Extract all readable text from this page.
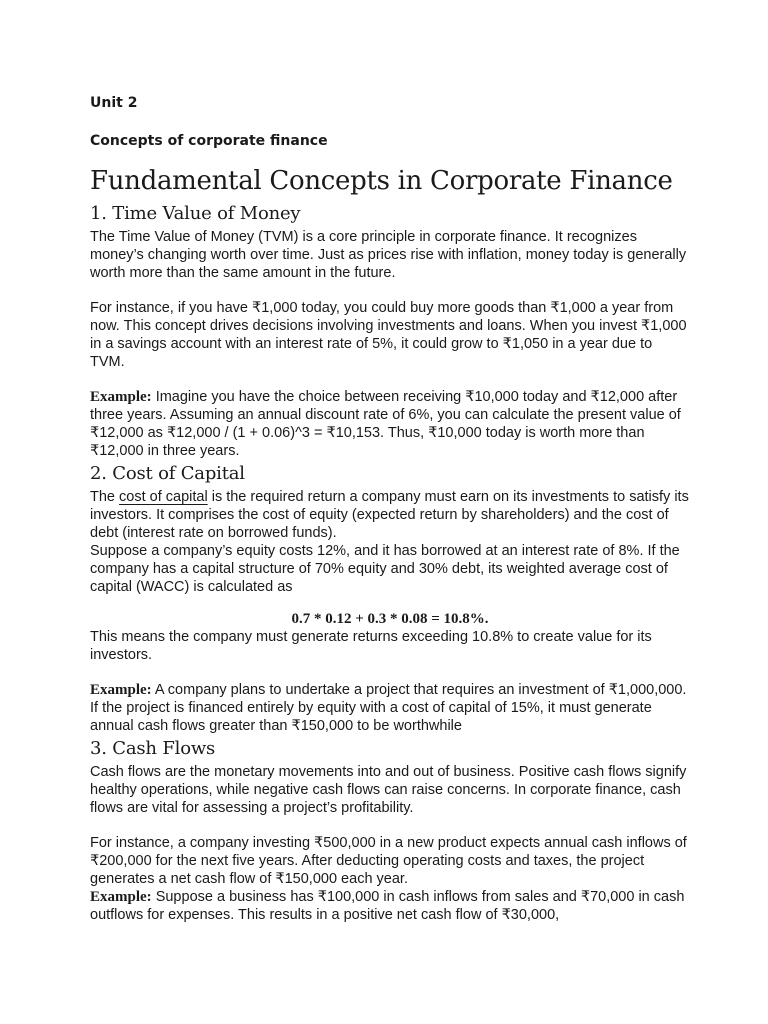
Unit 2
Concepts of corporate finance
Fundamental Concepts in Corporate Finance
1. Time Value of Money

The Time Value of Money (TVM) is a core principle in corporate finance. It recognizes money’s changing worth over time. Just as prices rise with inflation, money today is generally worth more than the same amount in the future.

For instance, if you have ₹1,000 today, you could buy more goods than ₹1,000 a year from now. This concept drives decisions involving investments and loans. When you invest ₹1,000 in a savings account with an interest rate of 5%, it could grow to ₹1,050 in a year due to TVM.

Example: Imagine you have the choice between receiving ₹10,000 today and ₹12,000 after three years. Assuming an annual discount rate of 6%, you can calculate the present value of ₹12,000 as ₹12,000 / (1 + 0.06)^3 = ₹10,153. Thus, ₹10,000 today is worth more than ₹12,000 in three years.

2. Cost of Capital

The cost of capital is the required return a company must earn on its investments to satisfy its investors. It comprises the cost of equity (expected return by shareholders) and the cost of debt (interest rate on borrowed funds).

Suppose a company’s equity costs 12%, and it has borrowed at an interest rate of 8%. If the company has a capital structure of 70% equity and 30% debt, its weighted average cost of capital (WACC) is calculated as

0.7 * 0.12 + 0.3 * 0.08 = 10.8%.

This means the company must generate returns exceeding 10.8% to create value for its investors.

Example: A company plans to undertake a project that requires an investment of ₹1,000,000. If the project is financed entirely by equity with a cost of capital of 15%, it must generate annual cash flows greater than ₹150,000 to be worthwhile

3. Cash Flows

Cash flows are the monetary movements into and out of business. Positive cash flows signify healthy operations, while negative cash flows can raise concerns. In corporate finance, cash flows are vital for assessing a project’s profitability.

For instance, a company investing ₹500,000 in a new product expects annual cash inflows of ₹200,000 for the next five years. After deducting operating costs and taxes, the project generates a net cash flow of ₹150,000 each year.

Example: Suppose a business has ₹100,000 in cash inflows from sales and ₹70,000 in cash outflows for expenses. This results in a positive net cash flow of ₹30,000,
